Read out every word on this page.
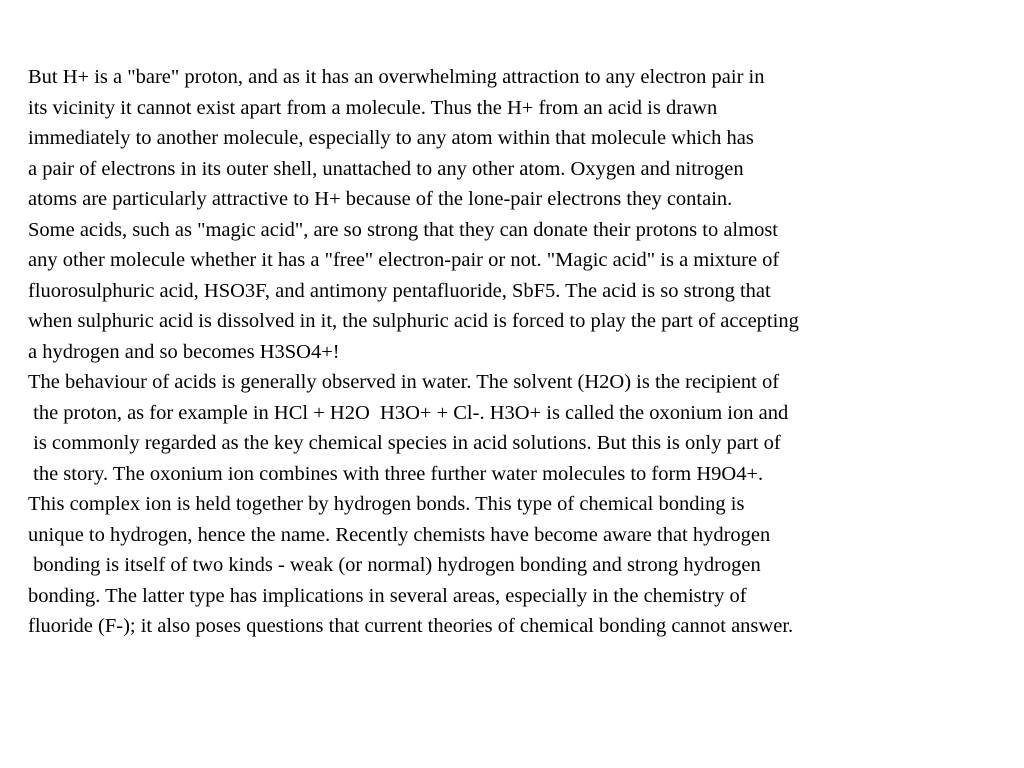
But H+ is a "bare" proton, and as it has an overwhelming attraction to any electron pair in
its vicinity it cannot exist apart from a molecule. Thus the H+ from an acid is drawn
immediately to another molecule, especially to any atom within that molecule which has
a pair of electrons in its outer shell, unattached to any other atom. Oxygen and nitrogen
atoms are particularly attractive to H+ because of the lone-pair electrons they contain.
Some acids, such as "magic acid", are so strong that they can donate their protons to almost
any other molecule whether it has a "free" electron-pair or not. "Magic acid" is a mixture of
fluorosulphuric acid, HSO3F, and antimony pentafluoride, SbF5. The acid is so strong that
when sulphuric acid is dissolved in it, the sulphuric acid is forced to play the part of accepting
a hydrogen and so becomes H3SO4+!
The behaviour of acids is generally observed in water. The solvent (H2O) is the recipient of
the proton, as for example in HCl + H2O  H3O+ + Cl-. H3O+ is called the oxonium ion and
is commonly regarded as the key chemical species in acid solutions. But this is only part of
the story. The oxonium ion combines with three further water molecules to form H9O4+.
This complex ion is held together by hydrogen bonds. This type of chemical bonding is
unique to hydrogen, hence the name. Recently chemists have become aware that hydrogen
bonding is itself of two kinds - weak (or normal) hydrogen bonding and strong hydrogen
bonding. The latter type has implications in several areas, especially in the chemistry of
fluoride (F-); it also poses questions that current theories of chemical bonding cannot answer.
